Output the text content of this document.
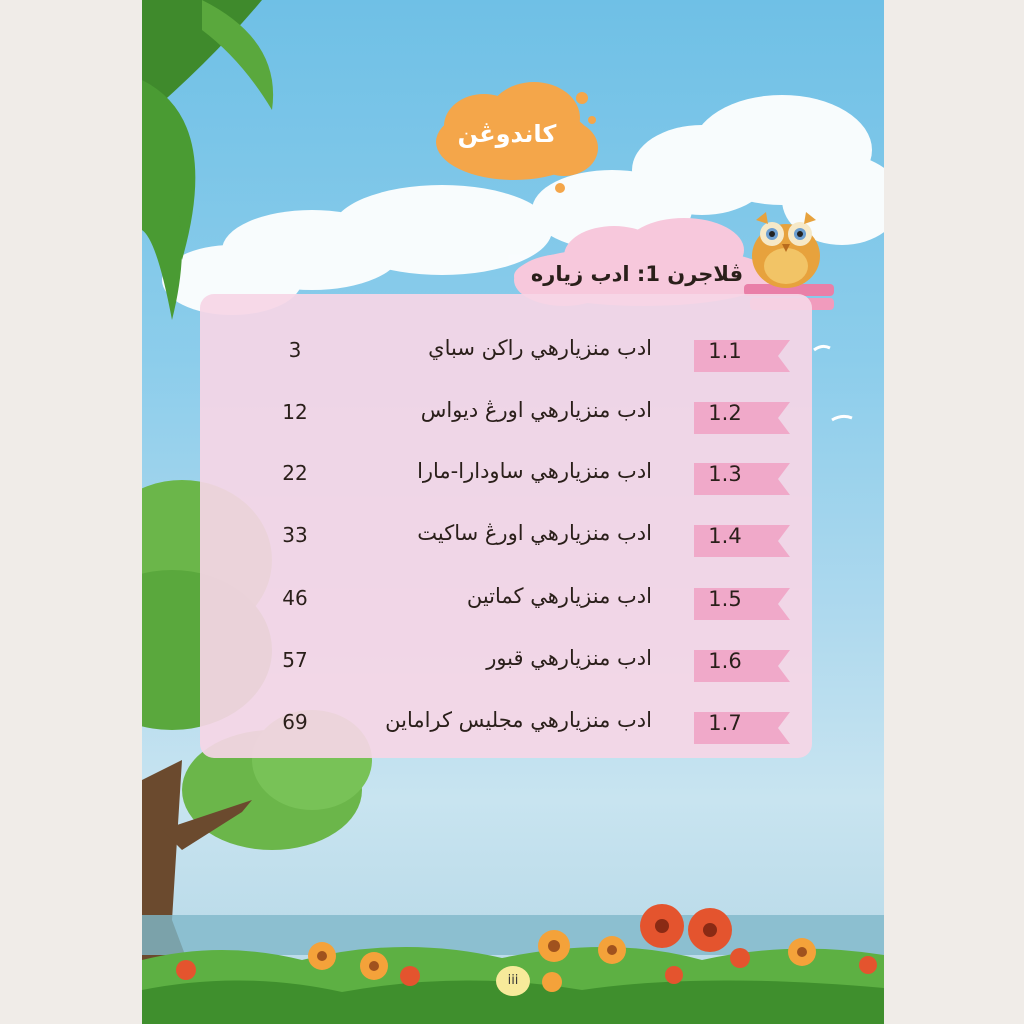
كاندوڠن
ڤلاجرن 1: ادب زياره
1.1
ادب منزيارهي راكن سباي
3
1.2
ادب منزيارهي اورڠ ديواس
12
1.3
ادب منزيارهي ساودارا-مارا
22
1.4
ادب منزيارهي اورڠ ساكيت
33
1.5
ادب منزيارهي كماتين
46
1.6
ادب منزيارهي قبور
57
1.7
ادب منزيارهي مجليس كراماين
69
iii
